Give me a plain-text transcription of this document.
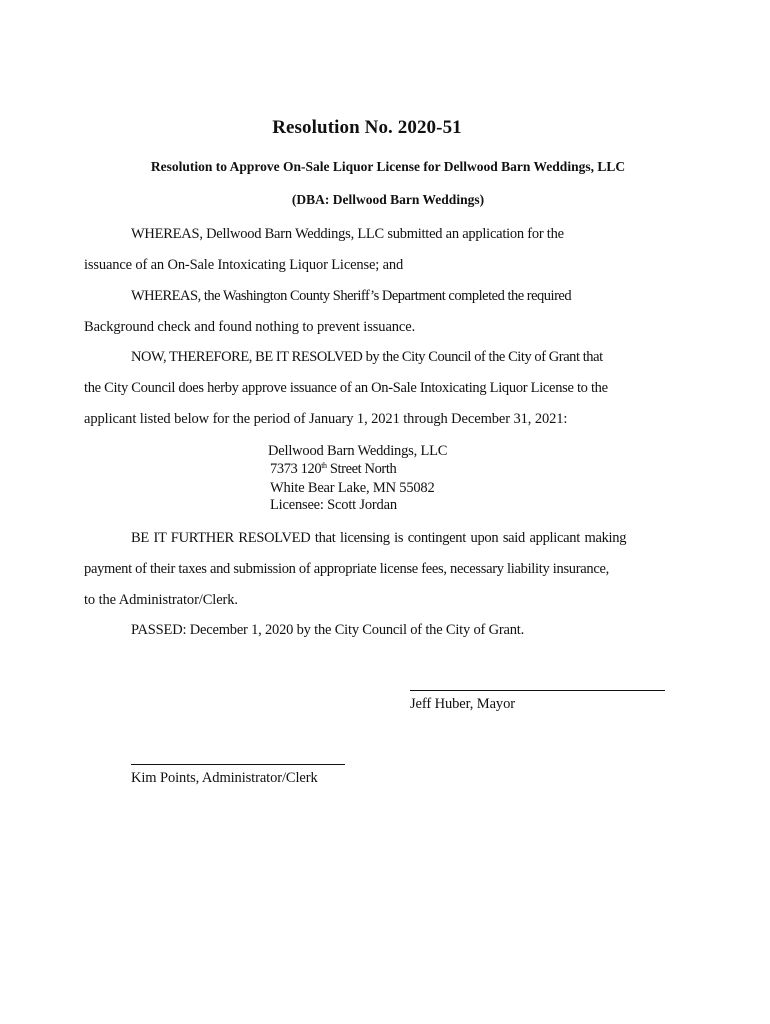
Resolution No. 2020-51
Resolution to Approve On-Sale Liquor License for Dellwood Barn Weddings, LLC
(DBA: Dellwood Barn Weddings)
WHEREAS, Dellwood Barn Weddings, LLC submitted an application for the
issuance of an On-Sale Intoxicating Liquor License; and
WHEREAS, the Washington County Sheriff’s Department completed the required
Background check and found nothing to prevent issuance.
NOW, THEREFORE, BE IT RESOLVED by the City Council of the City of Grant that
the City Council does herby approve issuance of an On-Sale Intoxicating Liquor License to the
applicant listed below for the period of January 1, 2021 through December 31, 2021:
Dellwood Barn Weddings, LLC
7373 120th Street North
White Bear Lake, MN 55082
Licensee: Scott Jordan
BE IT FURTHER RESOLVED that licensing is contingent upon said applicant making
payment of their taxes and submission of appropriate license fees, necessary liability insurance,
to the Administrator/Clerk.
PASSED: December 1, 2020 by the City Council of the City of Grant.
Jeff Huber, Mayor
Kim Points, Administrator/Clerk
